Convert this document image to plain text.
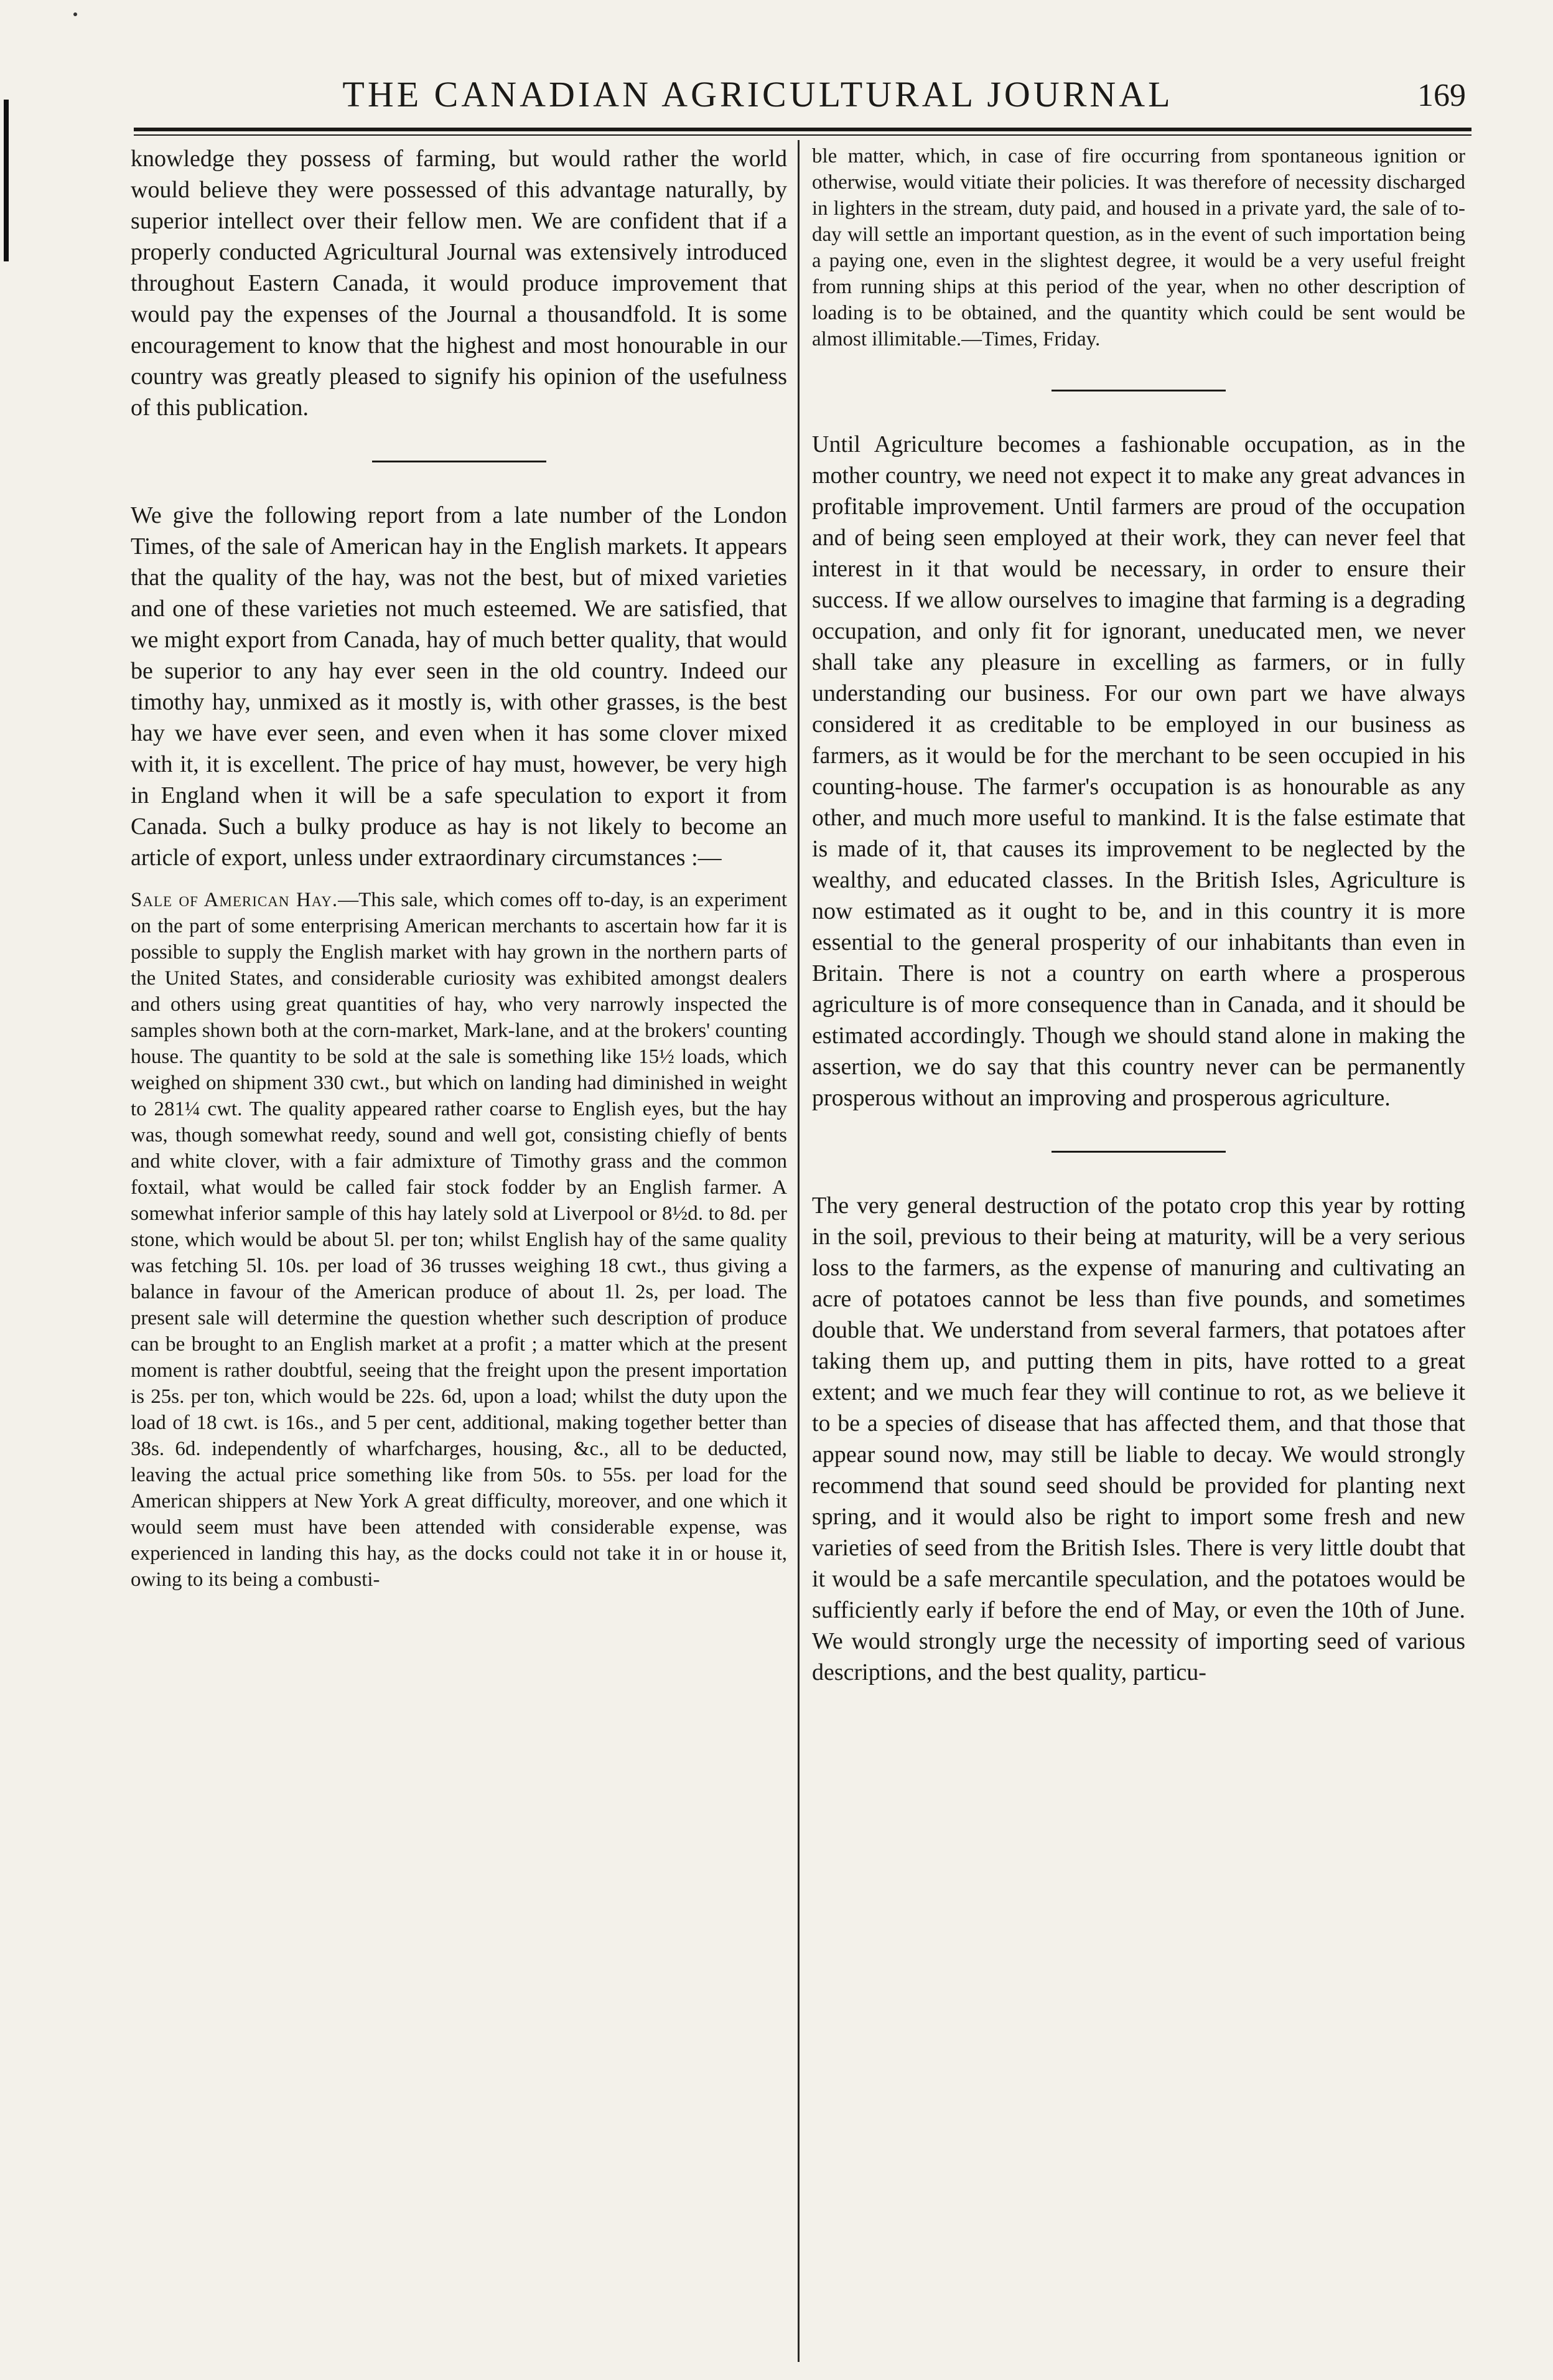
THE CANADIAN AGRICULTURAL JOURNAL	169

knowledge they possess of farming, but would rather the world would believe they were possessed of this advantage naturally, by superior intellect over their fellow men. We are confident that if a properly conducted Agricultural Journal was extensively introduced throughout Eastern Canada, it would produce improvement that would pay the expenses of the Journal a thousandfold. It is some encouragement to know that the highest and most honourable in our country was greatly pleased to signify his opinion of the usefulness of this publication.

We give the following report from a late number of the London Times, of the sale of American hay in the English markets. It appears that the quality of the hay, was not the best, but of mixed varieties and one of these varieties not much esteemed. We are satisfied, that we might export from Canada, hay of much better quality, that would be superior to any hay ever seen in the old country. Indeed our timothy hay, unmixed as it mostly is, with other grasses, is the best hay we have ever seen, and even when it has some clover mixed with it, it is excellent. The price of hay must, however, be very high in England when it will be a safe speculation to export it from Canada. Such a bulky produce as hay is not likely to become an article of export, unless under extraordinary circumstances :—

Sale of American Hay.—This sale, which comes off to-day, is an experiment on the part of some enterprising American merchants to ascertain how far it is possible to supply the English market with hay grown in the northern parts of the United States, and considerable curiosity was exhibited amongst dealers and others using great quantities of hay, who very narrowly inspected the samples shown both at the corn-market, Mark-lane, and at the brokers' counting house. The quantity to be sold at the sale is something like 15½ loads, which weighed on shipment 330 cwt., but which on landing had diminished in weight to 281¼ cwt. The quality appeared rather coarse to English eyes, but the hay was, though somewhat reedy, sound and well got, consisting chiefly of bents and white clover, with a fair admixture of Timothy grass and the common foxtail, what would be called fair stock fodder by an English farmer. A somewhat inferior sample of this hay lately sold at Liverpool or 8½d. to 8d. per stone, which would be about 5l. per ton; whilst English hay of the same quality was fetching 5l. 10s. per load of 36 trusses weighing 18 cwt., thus giving a balance in favour of the American produce of about 1l. 2s, per load. The present sale will determine the question whether such description of produce can be brought to an English market at a profit ; a matter which at the present moment is rather doubtful, seeing that the freight upon the present importation is 25s. per ton, which would be 22s. 6d, upon a load; whilst the duty upon the load of 18 cwt. is 16s., and 5 per cent, additional, making together better than 38s. 6d. independently of wharfcharges, housing, &c., all to be deducted, leaving the actual price something like from 50s. to 55s. per load for the American shippers at New York A great difficulty, moreover, and one which it would seem must have been attended with considerable expense, was experienced in landing this hay, as the docks could not take it in or house it, owing to its being a combusti-

ble matter, which, in case of fire occurring from spontaneous ignition or otherwise, would vitiate their policies. It was therefore of necessity discharged in lighters in the stream, duty paid, and housed in a private yard, the sale of to-day will settle an important question, as in the event of such importation being a paying one, even in the slightest degree, it would be a very useful freight from running ships at this period of the year, when no other description of loading is to be obtained, and the quantity which could be sent would be almost illimitable.—Times, Friday.

Until Agriculture becomes a fashionable occupation, as in the mother country, we need not expect it to make any great advances in profitable improvement. Until farmers are proud of the occupation and of being seen employed at their work, they can never feel that interest in it that would be necessary, in order to ensure their success. If we allow ourselves to imagine that farming is a degrading occupation, and only fit for ignorant, uneducated men, we never shall take any pleasure in excelling as farmers, or in fully understanding our business. For our own part we have always considered it as creditable to be employed in our business as farmers, as it would be for the merchant to be seen occupied in his counting-house. The farmer's occupation is as honourable as any other, and much more useful to mankind. It is the false estimate that is made of it, that causes its improvement to be neglected by the wealthy, and educated classes. In the British Isles, Agriculture is now estimated as it ought to be, and in this country it is more essential to the general prosperity of our inhabitants than even in Britain. There is not a country on earth where a prosperous agriculture is of more consequence than in Canada, and it should be estimated accordingly. Though we should stand alone in making the assertion, we do say that this country never can be permanently prosperous without an improving and prosperous agriculture.

The very general destruction of the potato crop this year by rotting in the soil, previous to their being at maturity, will be a very serious loss to the farmers, as the expense of manuring and cultivating an acre of potatoes cannot be less than five pounds, and sometimes double that. We understand from several farmers, that potatoes after taking them up, and putting them in pits, have rotted to a great extent; and we much fear they will continue to rot, as we believe it to be a species of disease that has affected them, and that those that appear sound now, may still be liable to decay. We would strongly recommend that sound seed should be provided for planting next spring, and it would also be right to import some fresh and new varieties of seed from the British Isles. There is very little doubt that it would be a safe mercantile speculation, and the potatoes would be sufficiently early if before the end of May, or even the 10th of June. We would strongly urge the necessity of importing seed of various descriptions, and the best quality, particu-
